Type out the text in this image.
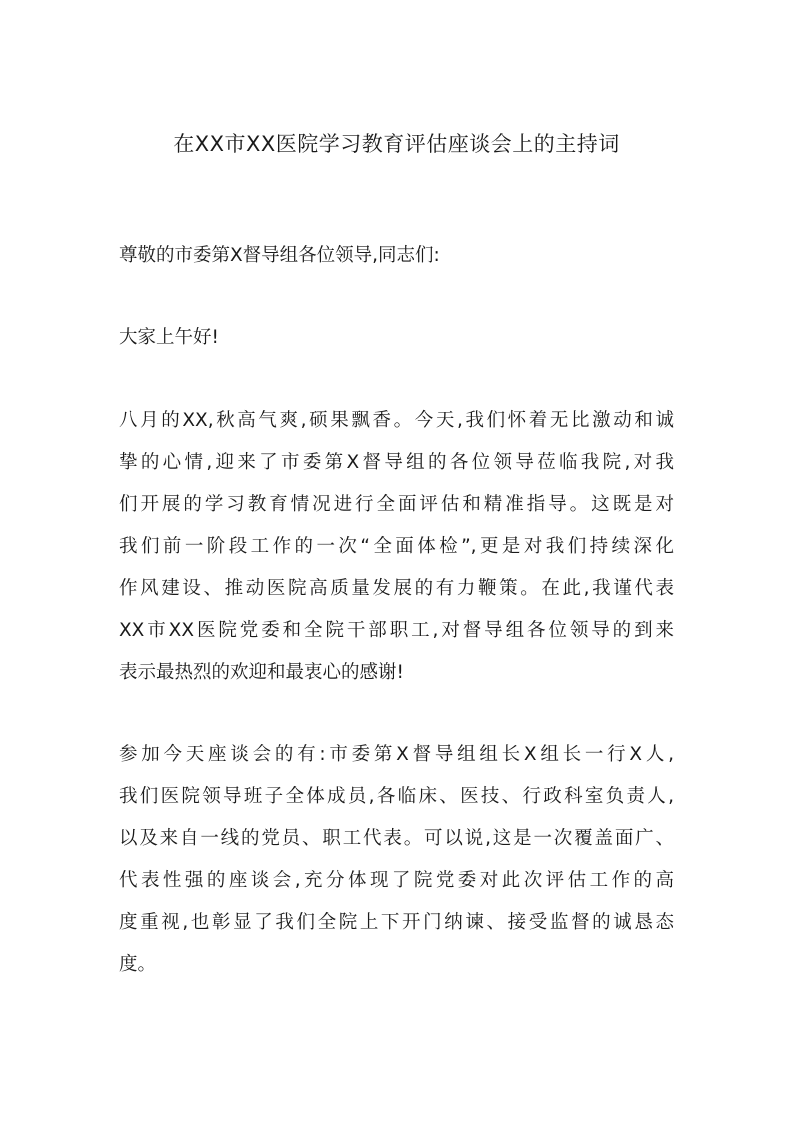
在XX市XX医院学习教育评估座谈会上的主持词

尊敬的市委第X督导组各位领导,同志们:

大家上午好!

八月的XX,秋高气爽,硕果飘香。今天,我们怀着无比激动和诚

挚的心情,迎来了市委第X督导组的各位领导莅临我院,对我

们开展的学习教育情况进行全面评估和精准指导。这既是对

我们前一阶段工作的一次“全面体检”,更是对我们持续深化

作风建设、推动医院高质量发展的有力鞭策。在此,我谨代表

XX市XX医院党委和全院干部职工,对督导组各位领导的到来

表示最热烈的欢迎和最衷心的感谢!

参加今天座谈会的有:市委第X督导组组长X组长一行X人,

我们医院领导班子全体成员,各临床、医技、行政科室负责人,

以及来自一线的党员、职工代表。可以说,这是一次覆盖面广、

代表性强的座谈会,充分体现了院党委对此次评估工作的高

度重视,也彰显了我们全院上下开门纳谏、接受监督的诚恳态

度。
